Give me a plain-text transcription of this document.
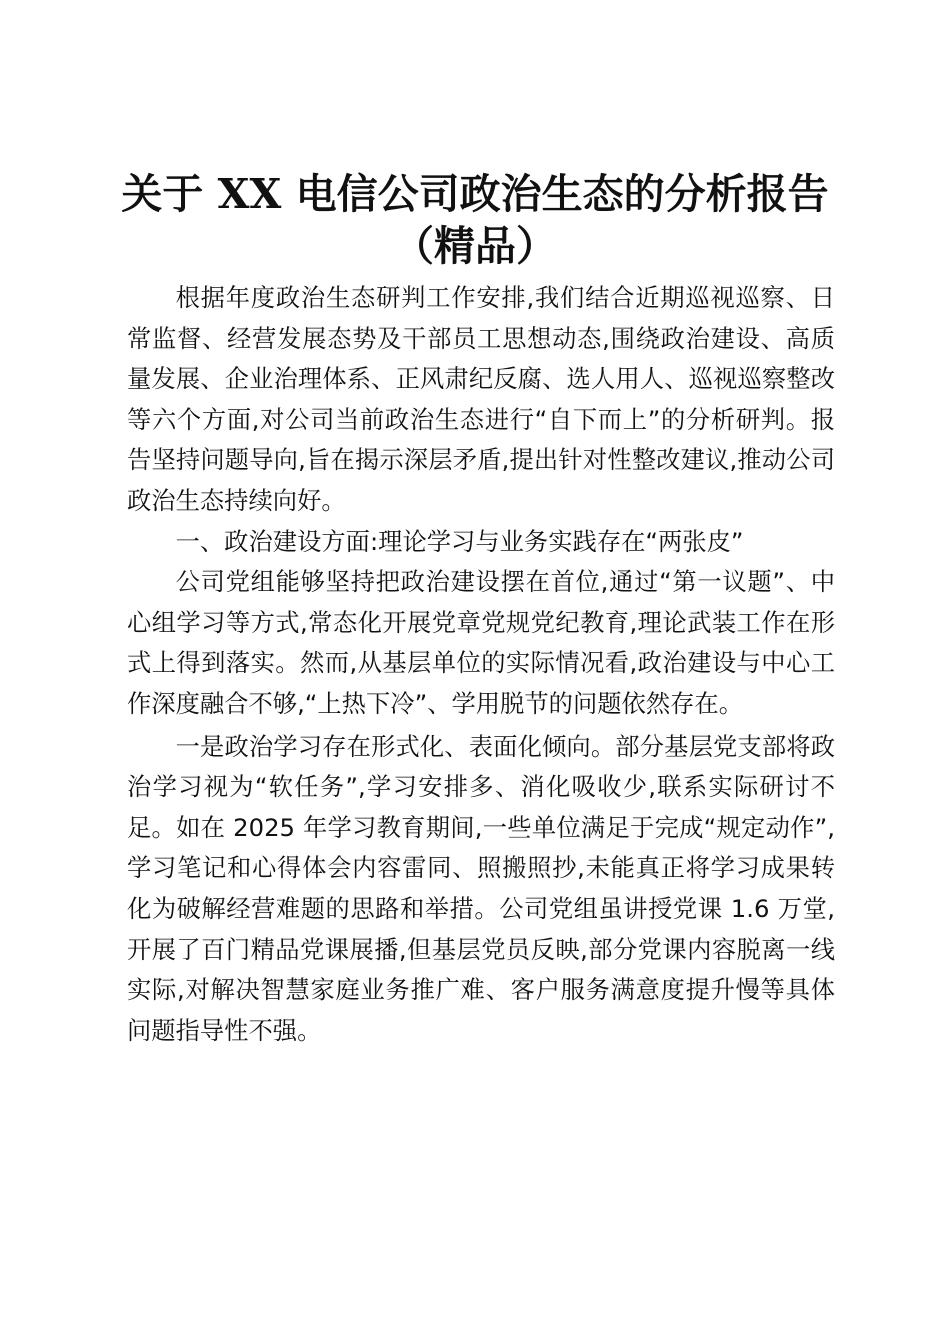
关于 XX 电信公司政治生态的分析报告
（精品）

根据年度政治生态研判工作安排,我们结合近期巡视巡察、日常监督、经营发展态势及干部员工思想动态,围绕政治建设、高质量发展、企业治理体系、正风肃纪反腐、选人用人、巡视巡察整改等六个方面,对公司当前政治生态进行“自下而上”的分析研判。报告坚持问题导向,旨在揭示深层矛盾,提出针对性整改建议,推动公司政治生态持续向好。

一、政治建设方面:理论学习与业务实践存在“两张皮”

公司党组能够坚持把政治建设摆在首位,通过“第一议题”、中心组学习等方式,常态化开展党章党规党纪教育,理论武装工作在形式上得到落实。然而,从基层单位的实际情况看,政治建设与中心工作深度融合不够,“上热下冷”、学用脱节的问题依然存在。

一是政治学习存在形式化、表面化倾向。部分基层党支部将政治学习视为“软任务”,学习安排多、消化吸收少,联系实际研讨不足。如在 2025 年学习教育期间,一些单位满足于完成“规定动作”,学习笔记和心得体会内容雷同、照搬照抄,未能真正将学习成果转化为破解经营难题的思路和举措。公司党组虽讲授党课 1.6 万堂,开展了百门精品党课展播,但基层党员反映,部分党课内容脱离一线实际,对解决智慧家庭业务推广难、客户服务满意度提升慢等具体问题指导性不强。
